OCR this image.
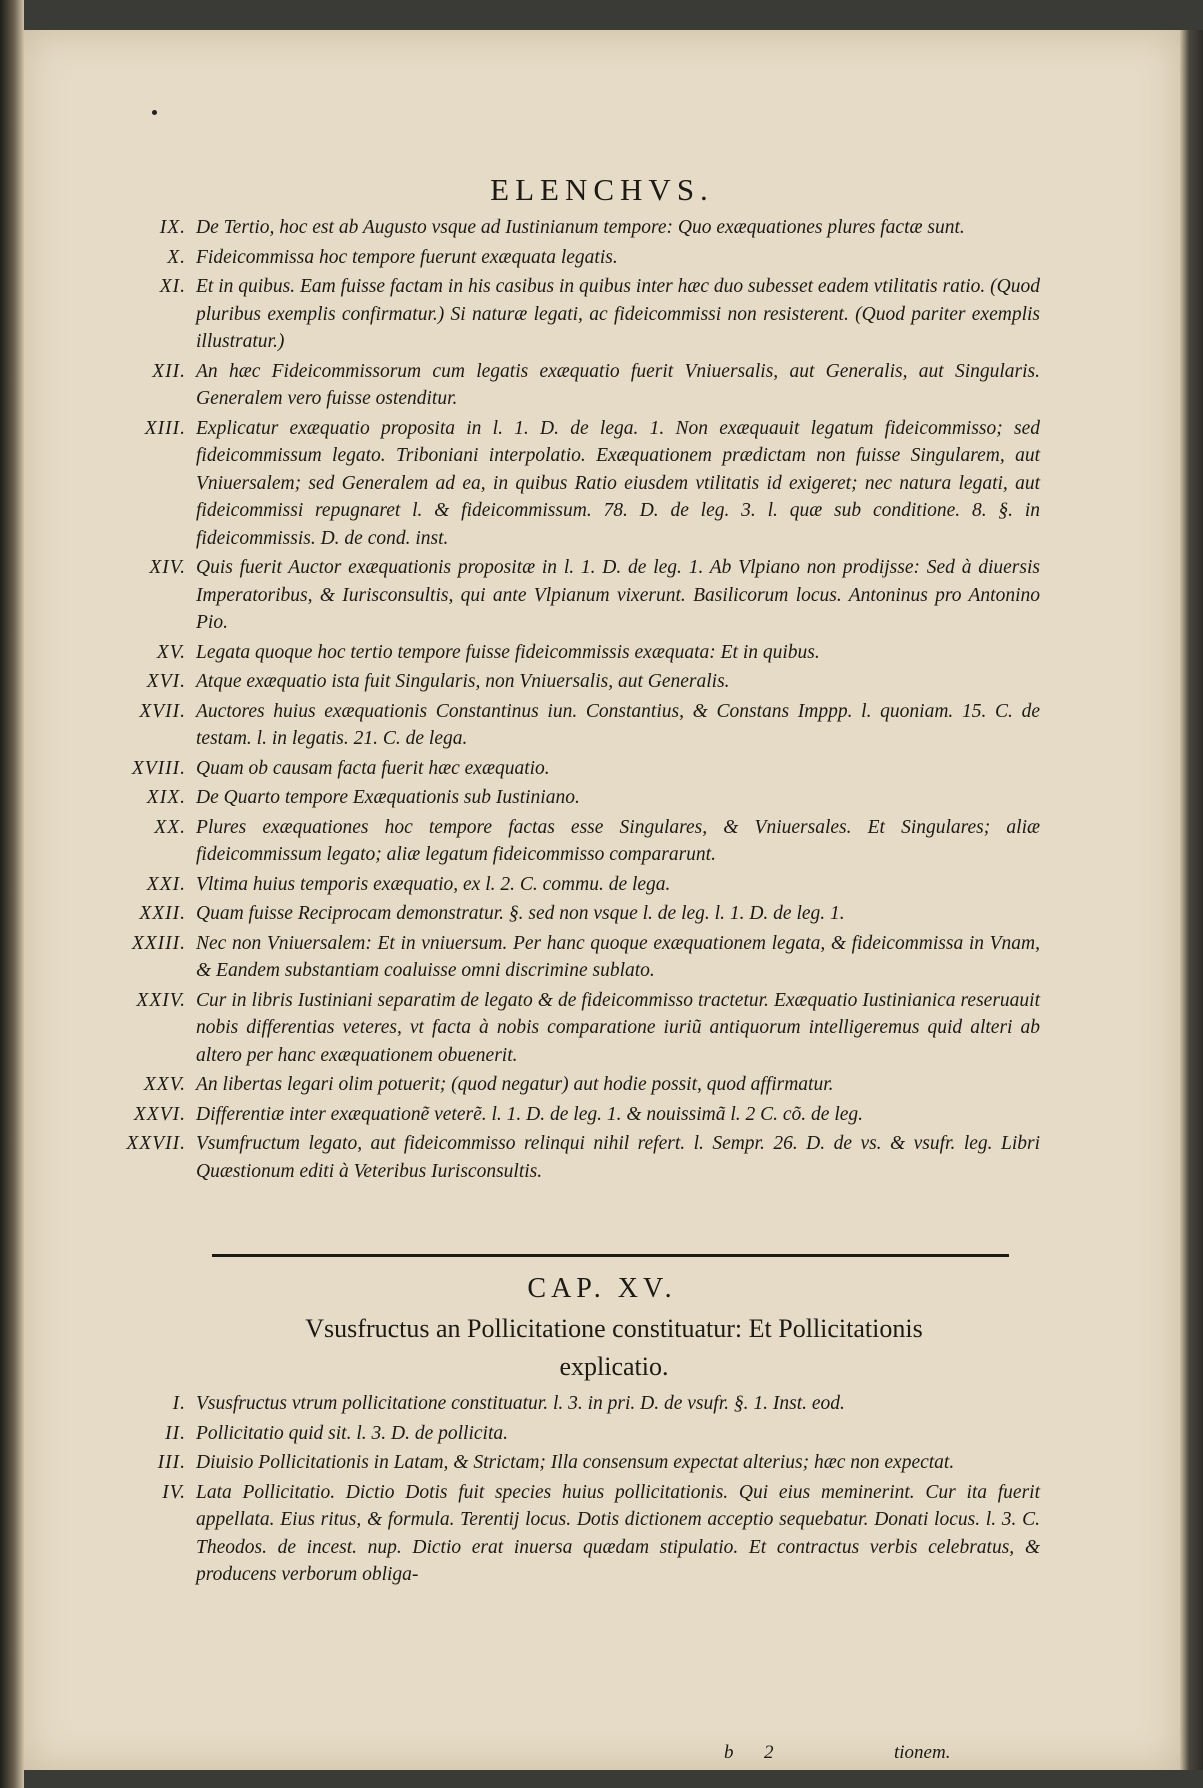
ELENCHVS.
IX. De Tertio, hoc est ab Augusto vsque ad Iustinianum tempore: Quo exæquationes plures factæ sunt.
X. Fideicommissa hoc tempore fuerunt exæquata legatis.
XI. Et in quibus. Eam fuisse factam in his casibus in quibus inter hæc duo subesset eadem vtilitatis ratio. (Quod pluribus exemplis confirmatur.) Si naturæ legati, ac fideicommissi non resisterent. (Quod pariter exemplis illustratur.)
XII. An hæc Fideicommissorum cum legatis exæquatio fuerit Vniuersalis, aut Generalis, aut Singularis. Generalem vero fuisse ostenditur.
XIII. Explicatur exæquatio proposita in l. 1. D. de lega. 1. Non exæquauit legatum fideicommisso; sed fideicommissum legato. Triboniani interpolatio. Exæquationem prædictam non fuisse Singularem, aut Vniuersalem; sed Generalem ad ea, in quibus Ratio eiusdem vtilitatis id exigeret; nec natura legati, aut fideicommissi repugnaret l. & fideicommissum. 78. D. de leg. 3. l. quæ sub conditione. 8. §. in fideicommissis. D. de cond. inst.
XIV. Quis fuerit Auctor exæquationis propositæ in l. 1. D. de leg. 1. Ab Vlpiano non prodijsse: Sed à diuersis Imperatoribus, & Iurisconsultis, qui ante Vlpianum vixerunt. Basilicorum locus. Antoninus pro Antonino Pio.
XV. Legata quoque hoc tertio tempore fuisse fideicommissis exæquata: Et in quibus.
XVI. Atque exæquatio ista fuit Singularis, non Vniuersalis, aut Generalis.
XVII. Auctores huius exæquationis Constantinus iun. Constantius, & Constans Imppp. l. quoniam. 15. C. de testam. l. in legatis. 21. C. de lega.
XVIII. Quam ob causam facta fuerit hæc exæquatio.
XIX. De Quarto tempore Exæquationis sub Iustiniano.
XX. Plures exæquationes hoc tempore factas esse Singulares, & Vniuersales. Et Singulares; aliæ fideicommissum legato; aliæ legatum fideicommisso compararunt.
XXI. Vltima huius temporis exæquatio, ex l. 2. C. commu. de lega.
XXII. Quam fuisse Reciprocam demonstratur. §. sed non vsque l. de leg. l. 1. D. de leg. 1.
XXIII. Nec non Vniuersalem: Et in vniuersum. Per hanc quoque exæquationem legata, & fideicommissa in Vnam, & Eandem substantiam coaluisse omni discrimine sublato.
XXIV. Cur in libris Iustiniani separatim de legato & de fideicommisso tractetur. Exæquatio Iustinianica reseruauit nobis differentias veteres, vt facta à nobis comparatione iuriũ antiquorum intelligeremus quid alteri ab altero per hanc exæquationem obuenerit.
XXV. An libertas legari olim potuerit; (quod negatur) aut hodie possit, quod affirmatur.
XXVI. Differentiæ inter exæquationẽ veterẽ. l. 1. D. de leg. 1. & nouissimã l. 2 C. cõ. de leg.
XXVII. Vsumfructum legato, aut fideicommisso relinqui nihil refert. l. Sempr. 26. D. de vs. & vsufr. leg. Libri Quæstionum editi à Veteribus Iurisconsultis.
CAP. XV.
Vsusfructus an Pollicitatione constituatur: Et Pollicitationis explicatio.
I. Vsusfructus vtrum pollicitatione constituatur. l. 3. in pri. D. de vsufr. §. 1. Inst. eod.
II. Pollicitatio quid sit. l. 3. D. de pollicita.
III. Diuisio Pollicitationis in Latam, & Strictam; Illa consensum expectat alterius; hæc non expectat.
IV. Lata Pollicitatio. Dictio Dotis fuit species huius pollicitationis. Qui eius meminerint. Cur ita fuerit appellata. Eius ritus, & formula. Terentij locus. Dotis dictionem acceptio sequebatur. Donati locus. l. 3. C. Theodos. de incest. nup. Dictio erat inuersa quædam stipulatio. Et contractus verbis celebratus, & producens verborum obliga-
b 2	tionem.
